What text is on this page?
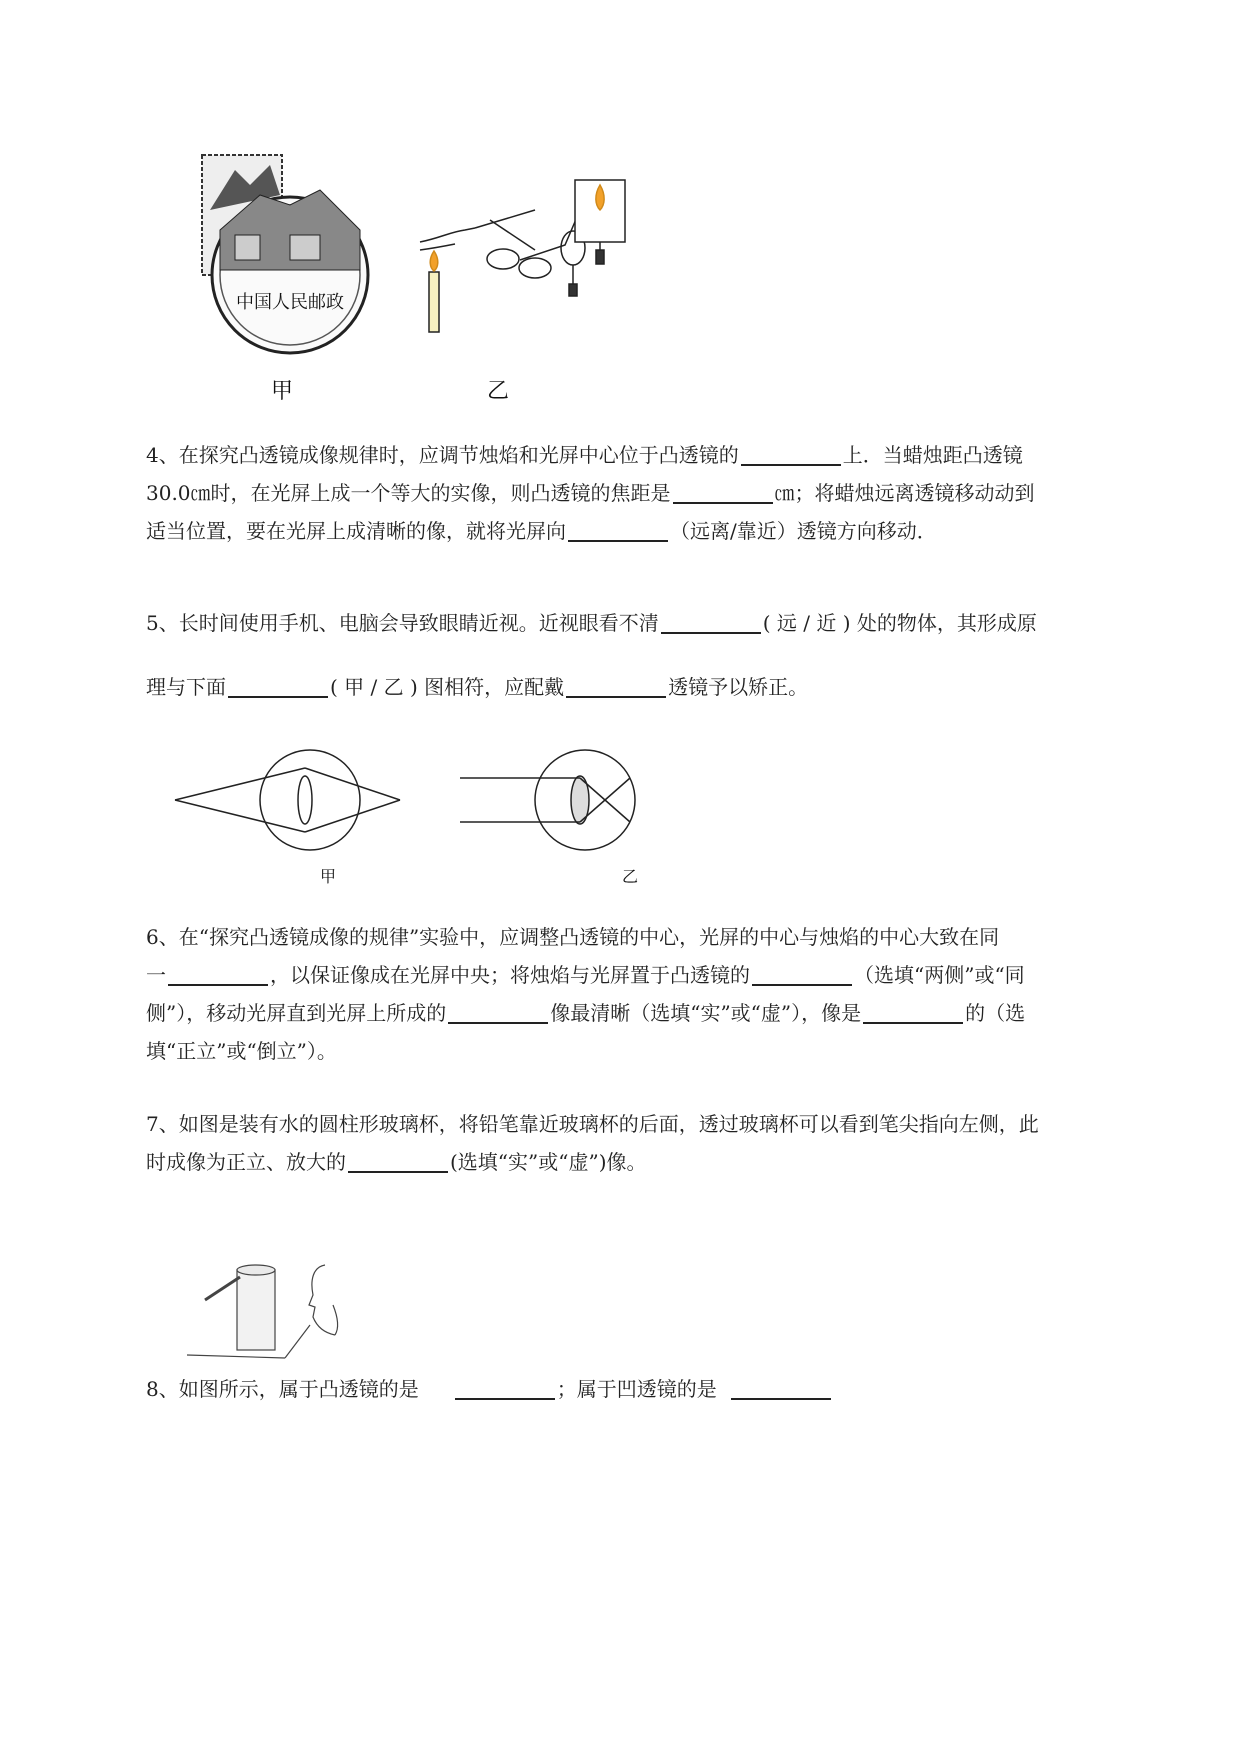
中国人民邮政
甲	乙
4、在探究凸透镜成像规律时，应调节烛焰和光屏中心位于凸透镜的	上．当蜡烛距凸透镜
30.0㎝时，在光屏上成一个等大的实像，则凸透镜的焦距是	㎝；将蜡烛远离透镜移动动到
适当位置，要在光屏上成清晰的像，就将光屏向	（远离/靠近）透镜方向移动．
5、长时间使用手机、电脑会导致眼睛近视。近视眼看不清	( 远 / 近 ) 处的物体，其形成原
理与下面	( 甲 / 乙 ) 图相符，应配戴	透镜予以矫正。
甲	乙
6、在“探究凸透镜成像的规律”实验中，应调整凸透镜的中心，光屏的中心与烛焰的中心大致在同
一	，以保证像成在光屏中央；将烛焰与光屏置于凸透镜的	（选填“两侧”或“同
侧”），移动光屏直到光屏上所成的	像最清晰（选填“实”或“虚”），像是	的（选
填“正立”或“倒立”）。
7、如图是装有水的圆柱形玻璃杯，将铅笔靠近玻璃杯的后面，透过玻璃杯可以看到笔尖指向左侧，此
时成像为正立、放大的	(选填“实”或“虚”)像。
8、如图所示，属于凸透镜的是	；属于凹透镜的是
